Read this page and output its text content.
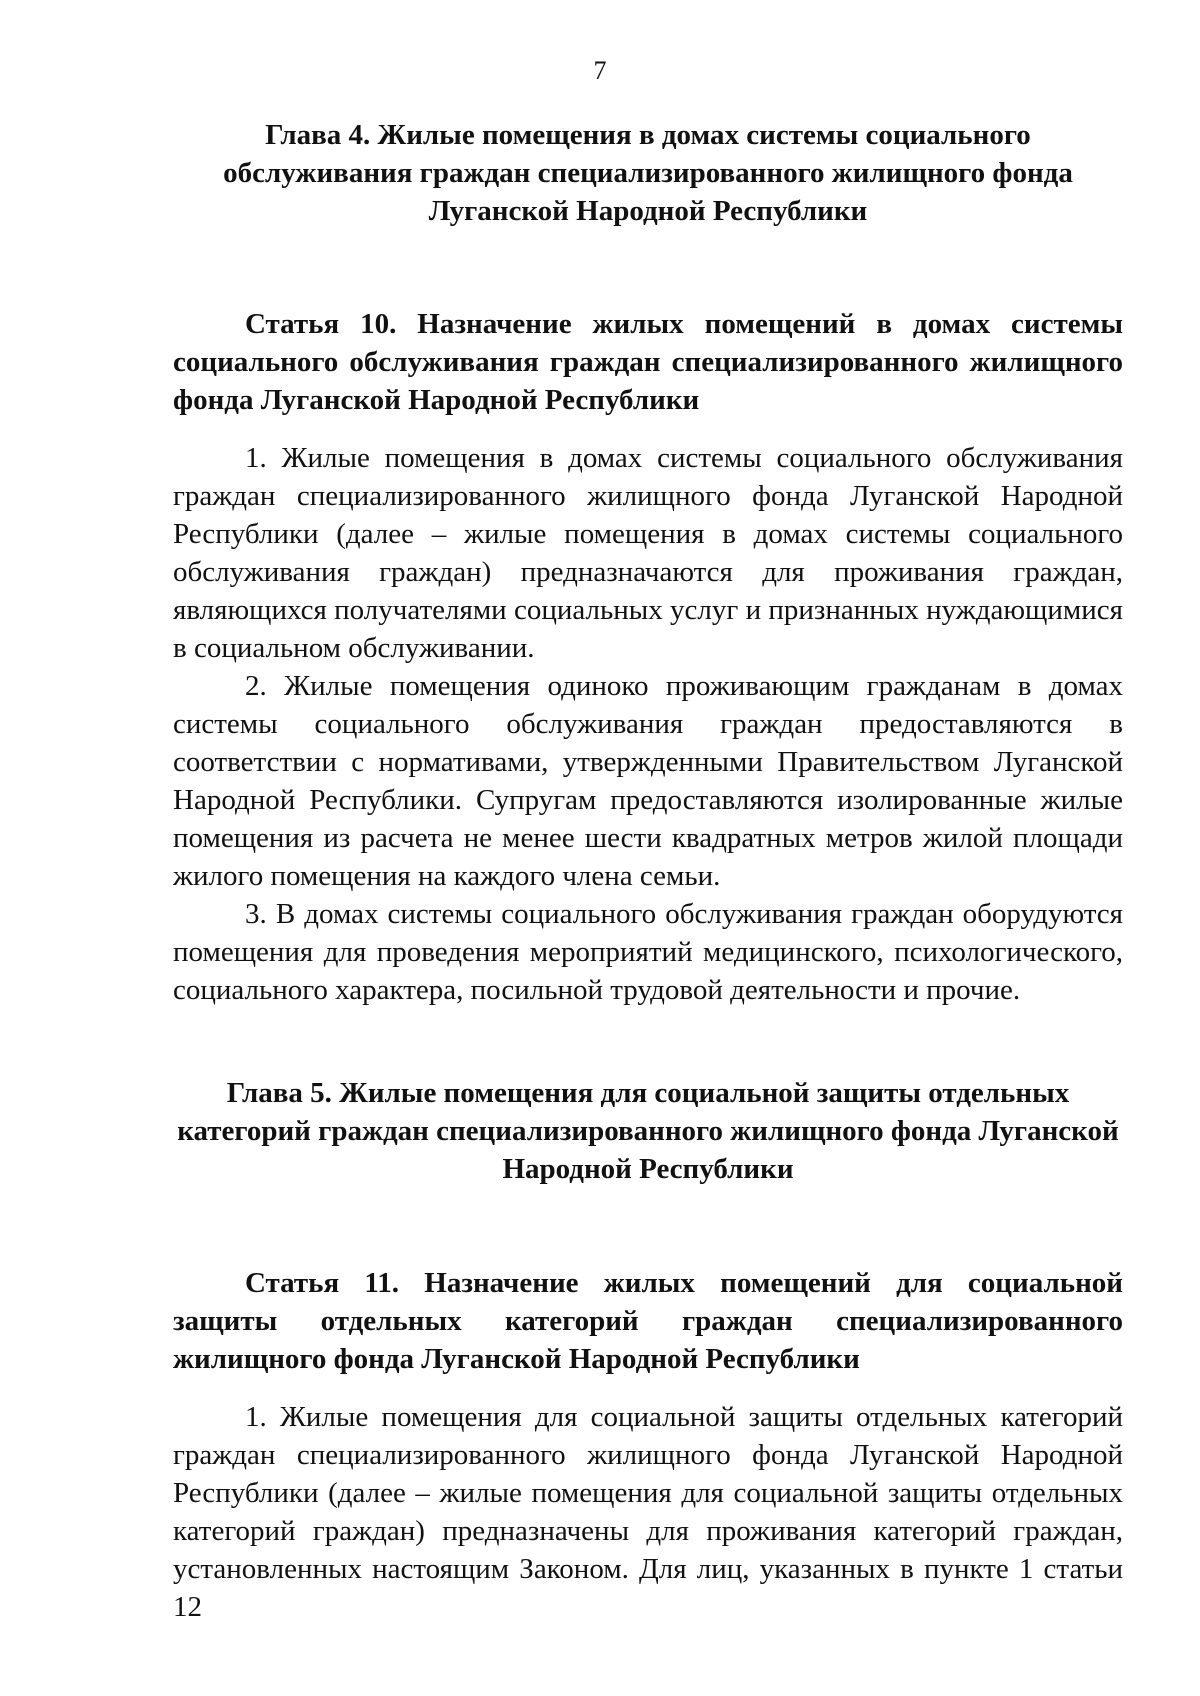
7

Глава 4. Жилые помещения в домах системы социального обслуживания граждан специализированного жилищного фонда Луганской Народной Республики

Статья 10. Назначение жилых помещений в домах системы социального обслуживания граждан специализированного жилищного фонда Луганской Народной Республики

1. Жилые помещения в домах системы социального обслуживания граждан специализированного жилищного фонда Луганской Народной Республики (далее – жилые помещения в домах системы социального обслуживания граждан) предназначаются для проживания граждан, являющихся получателями социальных услуг и признанных нуждающимися в социальном обслуживании.

2. Жилые помещения одиноко проживающим гражданам в домах системы социального обслуживания граждан предоставляются в соответствии с нормативами, утвержденными Правительством Луганской Народной Республики. Супругам предоставляются изолированные жилые помещения из расчета не менее шести квадратных метров жилой площади жилого помещения на каждого члена семьи.

3. В домах системы социального обслуживания граждан оборудуются помещения для проведения мероприятий медицинского, психологического, социального характера, посильной трудовой деятельности и прочие.

Глава 5. Жилые помещения для социальной защиты отдельных категорий граждан специализированного жилищного фонда Луганской Народной Республики

Статья 11. Назначение жилых помещений для социальной защиты отдельных категорий граждан специализированного жилищного фонда Луганской Народной Республики

1. Жилые помещения для социальной защиты отдельных категорий граждан специализированного жилищного фонда Луганской Народной Республики (далее – жилые помещения для социальной защиты отдельных категорий граждан) предназначены для проживания категорий граждан, установленных настоящим Законом. Для лиц, указанных в пункте 1 статьи 12
